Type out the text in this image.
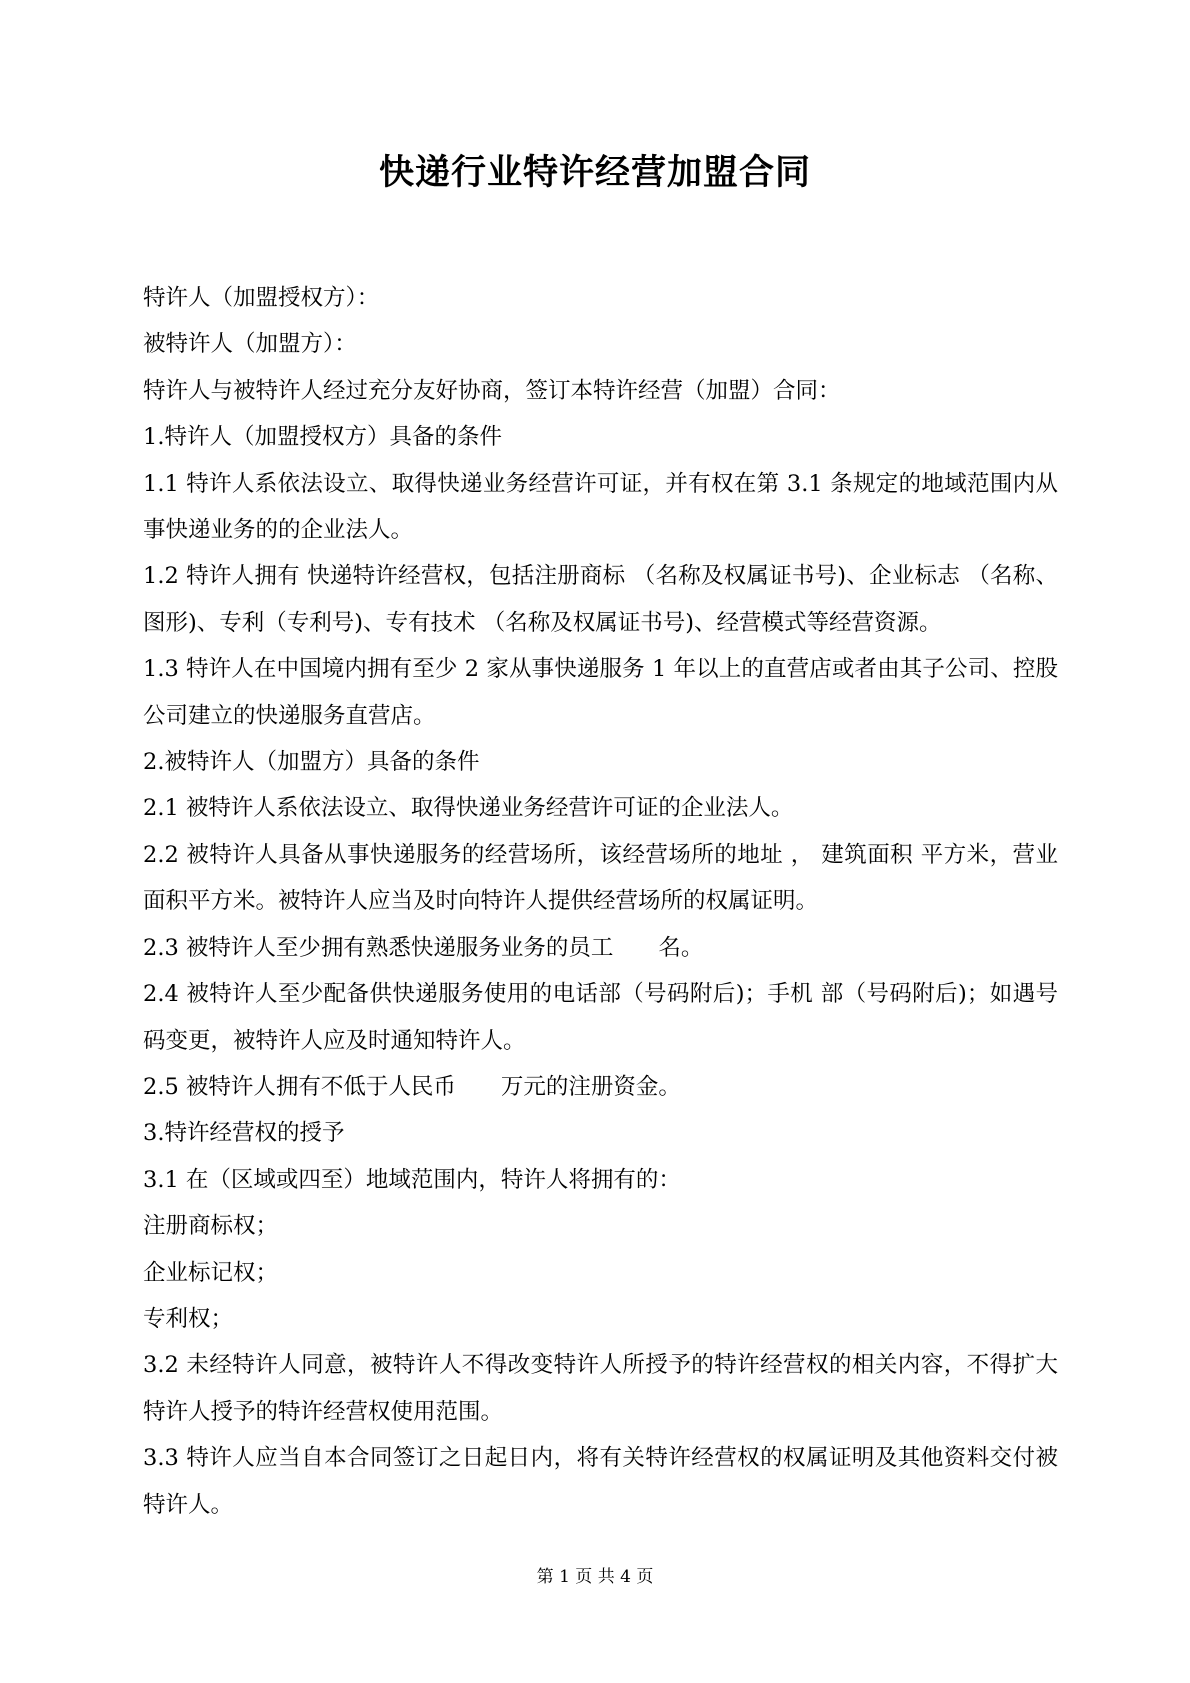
快递行业特许经营加盟合同

特许人（加盟授权方）：

被特许人（加盟方）：

特许人与被特许人经过充分友好协商，签订本特许经营（加盟）合同：

1.特许人（加盟授权方）具备的条件

1.1 特许人系依法设立、取得快递业务经营许可证，并有权在第 3.1 条规定的地域范围内从事快递业务的的企业法人。

1.2 特许人拥有 快递特许经营权，包括注册商标 （名称及权属证书号)、企业标志 （名称、图形)、专利（专利号)、专有技术 （名称及权属证书号)、经营模式等经营资源。

1.3 特许人在中国境内拥有至少 2 家从事快递服务 1 年以上的直营店或者由其子公司、控股公司建立的快递服务直营店。

2.被特许人（加盟方）具备的条件

2.1 被特许人系依法设立、取得快递业务经营许可证的企业法人。

2.2 被特许人具备从事快递服务的经营场所，该经营场所的地址 ， 建筑面积 平方米，营业面积平方米。被特许人应当及时向特许人提供经营场所的权属证明。

2.3 被特许人至少拥有熟悉快递服务业务的员工　　名。

2.4 被特许人至少配备供快递服务使用的电话部（号码附后)；手机 部（号码附后)；如遇号码变更，被特许人应及时通知特许人。

2.5 被特许人拥有不低于人民币　　万元的注册资金。

3.特许经营权的授予

3.1 在（区域或四至）地域范围内，特许人将拥有的：

注册商标权；

企业标记权；

专利权；

3.2 未经特许人同意，被特许人不得改变特许人所授予的特许经营权的相关内容，不得扩大特许人授予的特许经营权使用范围。

3.3 特许人应当自本合同签订之日起日内，将有关特许经营权的权属证明及其他资料交付被特许人。

第 1 页 共 4 页
